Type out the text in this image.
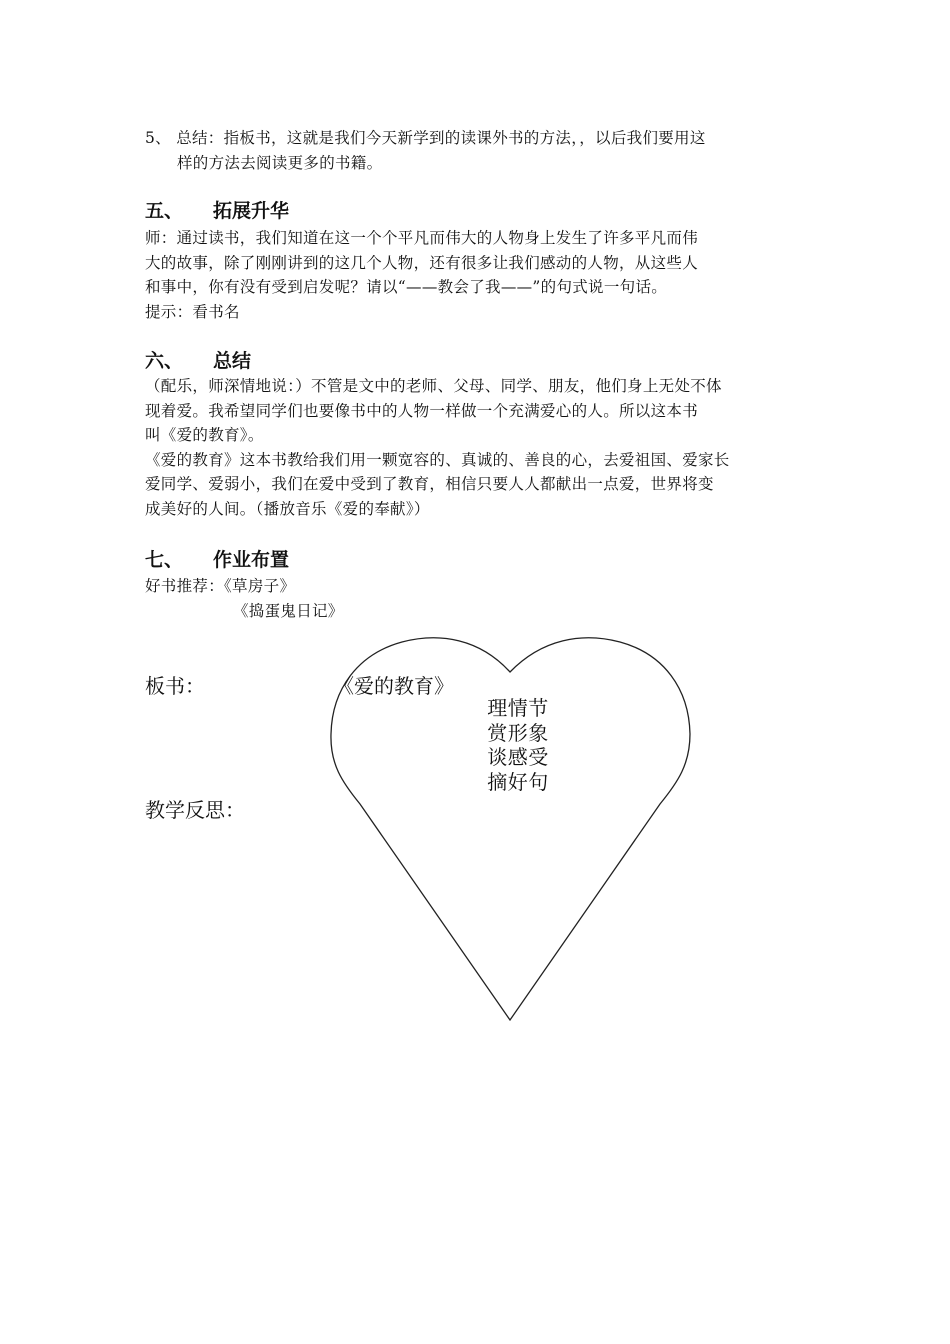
5、 总结：指板书，这就是我们今天新学到的读课外书的方法，，以后我们要用这
样的方法去阅读更多的书籍。
五、 拓展升华
师：通过读书，我们知道在这一个个平凡而伟大的人物身上发生了许多平凡而伟
大的故事，除了刚刚讲到的这几个人物，还有很多让我们感动的人物，从这些人
和事中，你有没有受到启发呢？请以“——教会了我——”的句式说一句话。
提示：看书名
六、 总结
（配乐，师深情地说：）不管是文中的老师、父母、同学、朋友，他们身上无处不体
现着爱。我希望同学们也要像书中的人物一样做一个充满爱心的人。所以这本书
叫《爱的教育》。
《爱的教育》这本书教给我们用一颗宽容的、真诚的、善良的心，去爱祖国、爱家长
爱同学、爱弱小，我们在爱中受到了教育，相信只要人人都献出一点爱，世界将变
成美好的人间。（播放音乐《爱的奉献》）
七、 作业布置
好书推荐：《草房子》
《捣蛋鬼日记》
板书：	《爱的教育》
理情节
赏形象
谈感受
摘好句
教学反思：
